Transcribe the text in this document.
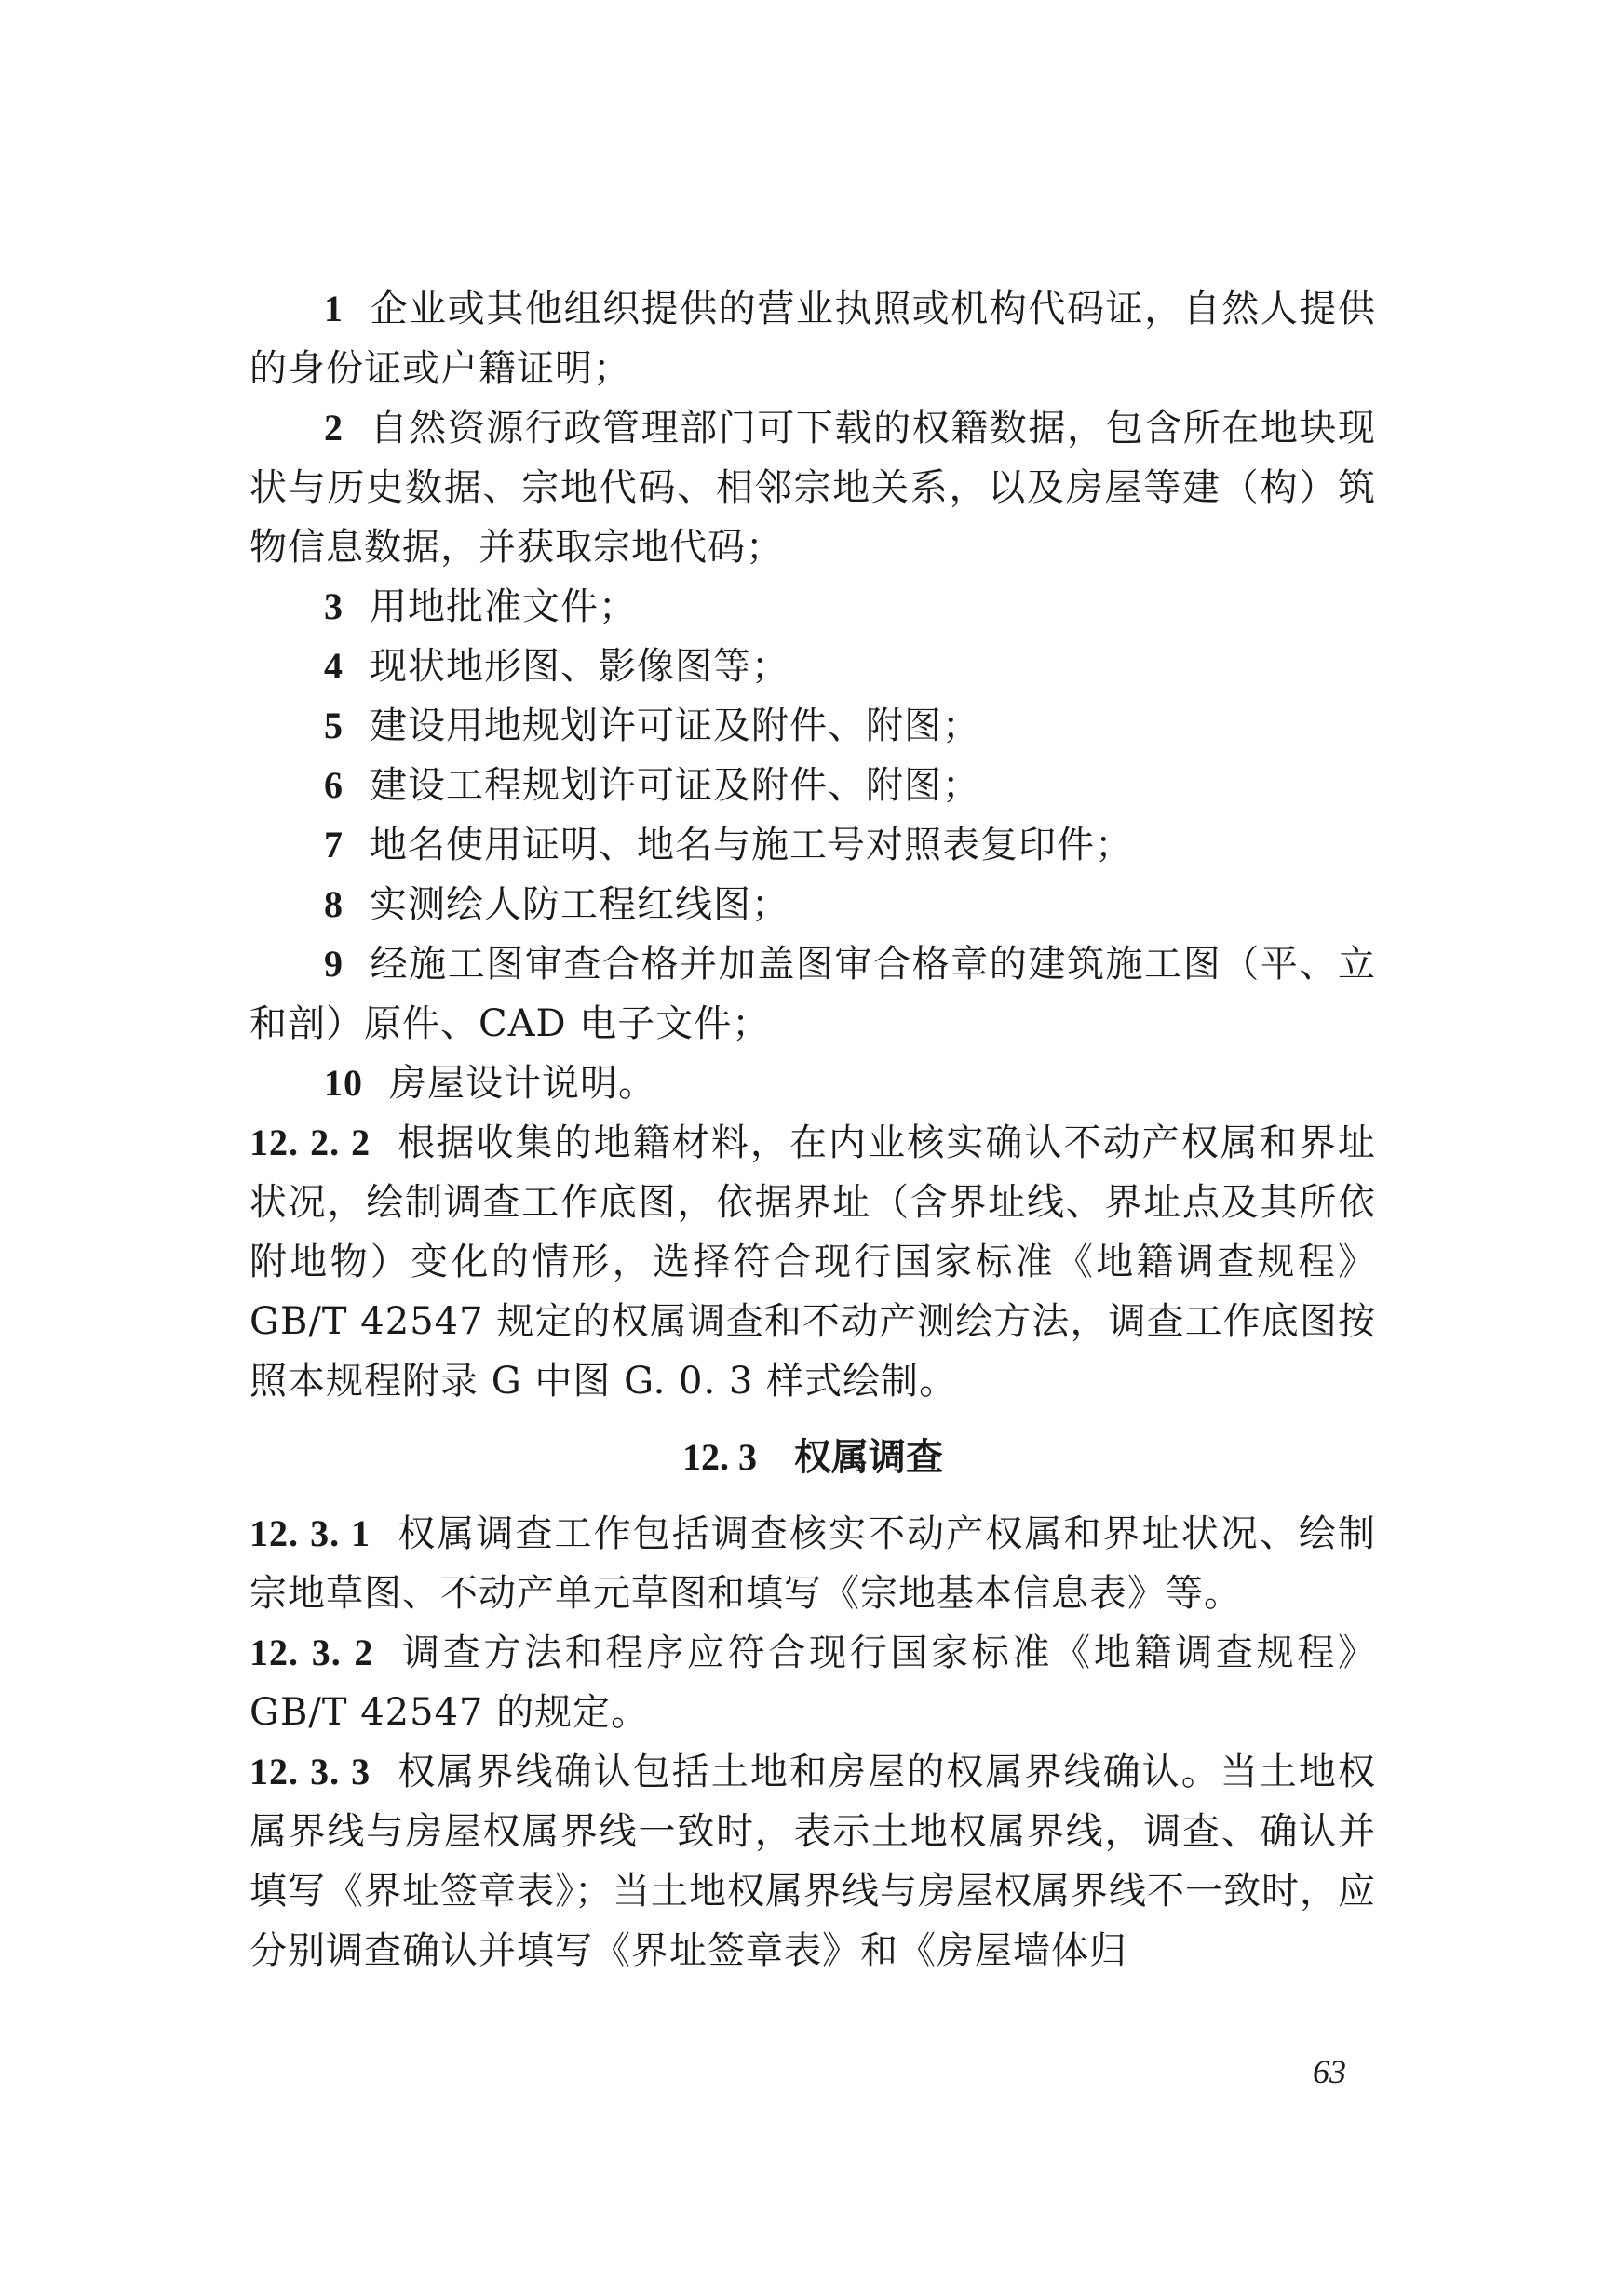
1 企业或其他组织提供的营业执照或机构代码证，自然人提供的身份证或户籍证明；

2 自然资源行政管理部门可下载的权籍数据，包含所在地块现状与历史数据、宗地代码、相邻宗地关系，以及房屋等建（构）筑物信息数据，并获取宗地代码；

3 用地批准文件；

4 现状地形图、影像图等；

5 建设用地规划许可证及附件、附图；

6 建设工程规划许可证及附件、附图；

7 地名使用证明、地名与施工号对照表复印件；

8 实测绘人防工程红线图；

9 经施工图审查合格并加盖图审合格章的建筑施工图（平、立和剖）原件、CAD 电子文件；

10 房屋设计说明。

12. 2. 2 根据收集的地籍材料，在内业核实确认不动产权属和界址状况，绘制调查工作底图，依据界址（含界址线、界址点及其所依附地物）变化的情形，选择符合现行国家标准《地籍调查规程》GB/T 42547 规定的权属调查和不动产测绘方法，调查工作底图按照本规程附录 G 中图 G. 0. 3 样式绘制。

12. 3 权属调查

12. 3. 1 权属调查工作包括调查核实不动产权属和界址状况、绘制宗地草图、不动产单元草图和填写《宗地基本信息表》等。

12. 3. 2 调查方法和程序应符合现行国家标准《地籍调查规程》GB/T 42547 的规定。

12. 3. 3 权属界线确认包括土地和房屋的权属界线确认。当土地权属界线与房屋权属界线一致时，表示土地权属界线，调查、确认并填写《界址签章表》；当土地权属界线与房屋权属界线不一致时，应分别调查确认并填写《界址签章表》和《房屋墙体归

63
